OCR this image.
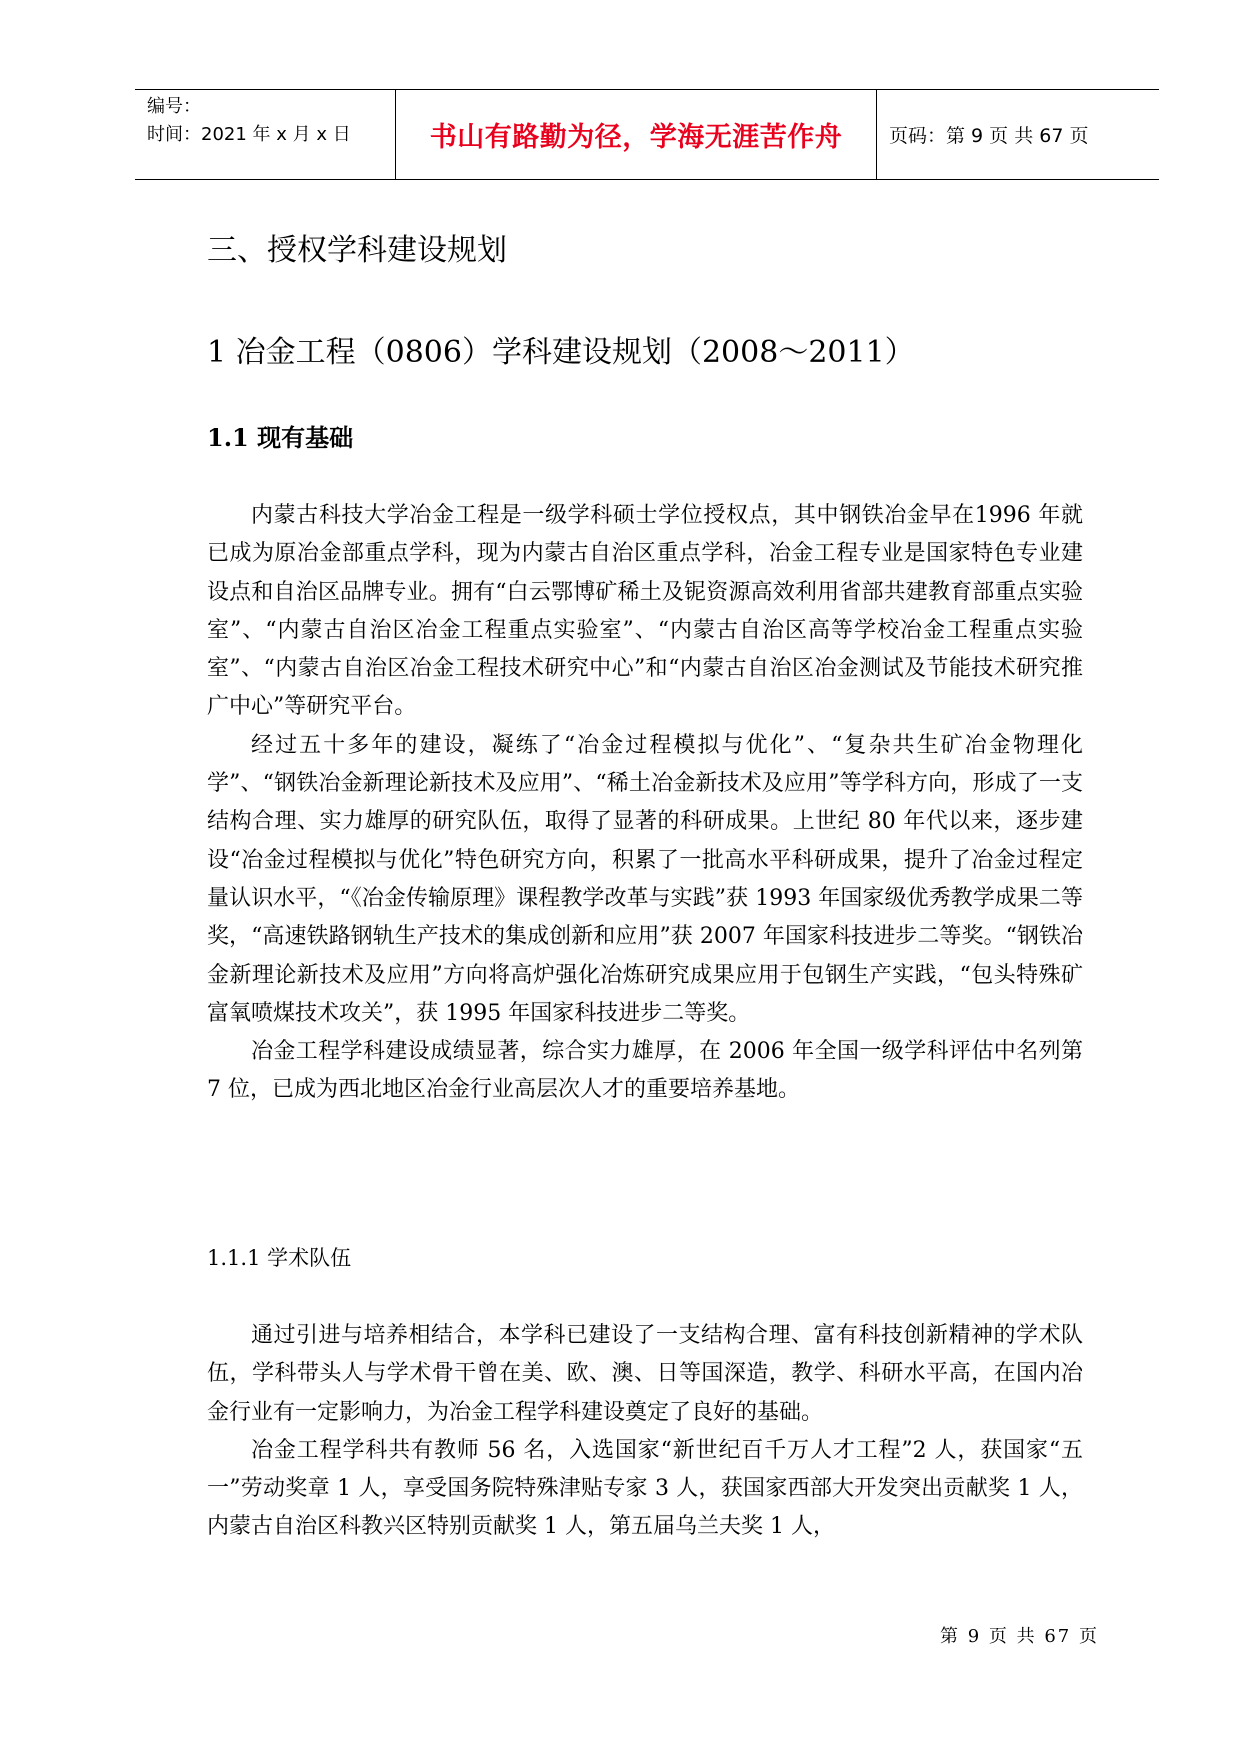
编号：
时间：2021 年 x 月 x 日	书山有路勤为径，学海无涯苦作舟 页码：第 9 页 共 67 页
三、授权学科建设规划
1 冶金工程（0806）学科建设规划（2008～2011）
1.1 现有基础

内蒙古科技大学冶金工程是一级学科硕士学位授权点，其中钢铁冶金早在1996 年就已成为原冶金部重点学科，现为内蒙古自治区重点学科，冶金工程专业是国家特色专业建设点和自治区品牌专业。拥有“白云鄂博矿稀土及铌资源高效利用省部共建教育部重点实验室”、“内蒙古自治区冶金工程重点实验室”、“内蒙古自治区高等学校冶金工程重点实验室”、“内蒙古自治区冶金工程技术研究中心”和“内蒙古自治区冶金测试及节能技术研究推广中心”等研究平台。

经过五十多年的建设，凝练了“冶金过程模拟与优化”、“复杂共生矿冶金物理化学”、“钢铁冶金新理论新技术及应用”、“稀土冶金新技术及应用”等学科方向，形成了一支结构合理、实力雄厚的研究队伍，取得了显著的科研成果。上世纪 80 年代以来，逐步建设“冶金过程模拟与优化”特色研究方向，积累了一批高水平科研成果，提升了冶金过程定量认识水平，“《冶金传输原理》课程教学改革与实践”获 1993 年国家级优秀教学成果二等奖，“高速铁路钢轨生产技术的集成创新和应用”获 2007 年国家科技进步二等奖。“钢铁冶金新理论新技术及应用”方向将高炉强化冶炼研究成果应用于包钢生产实践，“包头特殊矿富氧喷煤技术攻关”，获 1995 年国家科技进步二等奖。

冶金工程学科建设成绩显著，综合实力雄厚，在 2006 年全国一级学科评估中名列第 7 位，已成为西北地区冶金行业高层次人才的重要培养基地。

1.1.1 学术队伍

通过引进与培养相结合，本学科已建设了一支结构合理、富有科技创新精神的学术队伍，学科带头人与学术骨干曾在美、欧、澳、日等国深造，教学、科研水平高，在国内冶金行业有一定影响力，为冶金工程学科建设奠定了良好的基础。

冶金工程学科共有教师 56 名，入选国家“新世纪百千万人才工程”2 人，获国家“五一”劳动奖章 1 人，享受国务院特殊津贴专家 3 人，获国家西部大开发突出贡献奖 1 人，内蒙古自治区科教兴区特别贡献奖 1 人，第五届乌兰夫奖 1 人，

第 9 页 共 67 页
